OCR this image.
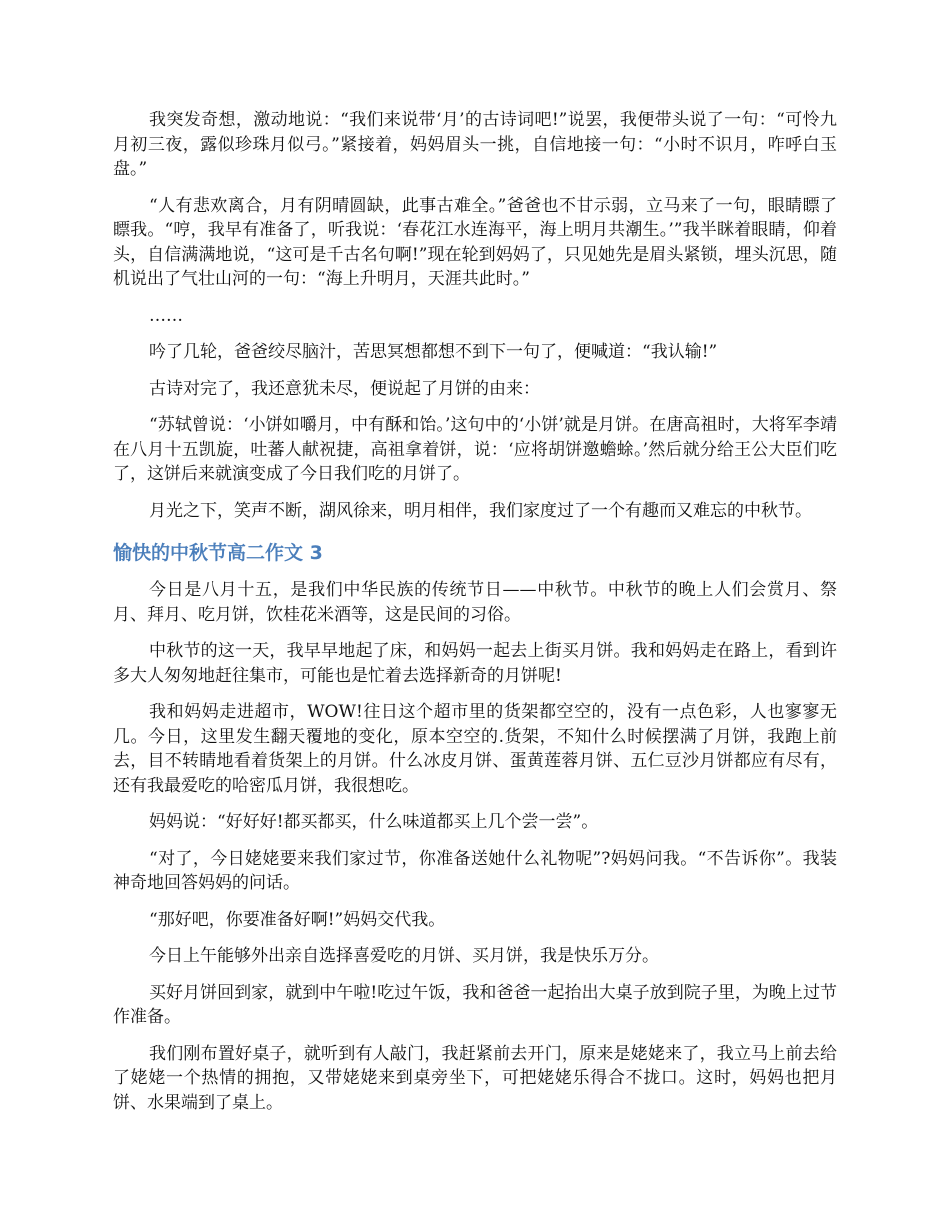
我突发奇想，激动地说：“我们来说带‘月’的古诗词吧!”说罢，我便带头说了一句：“可怜九月初三夜，露似珍珠月似弓。”紧接着，妈妈眉头一挑，自信地接一句：“小时不识月，咋呼白玉盘。”

“人有悲欢离合，月有阴晴圆缺，此事古难全。”爸爸也不甘示弱，立马来了一句，眼睛瞟了瞟我。“哼，我早有准备了，听我说：‘春花江水连海平，海上明月共潮生。’”我半眯着眼睛，仰着头，自信满满地说，“这可是千古名句啊!”现在轮到妈妈了，只见她先是眉头紧锁，埋头沉思，随机说出了气壮山河的一句：“海上升明月，天涯共此时。”

……

吟了几轮，爸爸绞尽脑汁，苦思冥想都想不到下一句了，便喊道：“我认输!”

古诗对完了，我还意犹未尽，便说起了月饼的由来：

“苏轼曾说：‘小饼如嚼月，中有酥和饴。’这句中的‘小饼’就是月饼。在唐高祖时，大将军李靖在八月十五凯旋，吐蕃人献祝捷，高祖拿着饼，说：‘应将胡饼邀蟾蜍。’然后就分给王公大臣们吃了，这饼后来就演变成了今日我们吃的月饼了。

月光之下，笑声不断，湖风徐来，明月相伴，我们家度过了一个有趣而又难忘的中秋节。

愉快的中秋节高二作文 3

今日是八月十五，是我们中华民族的传统节日——中秋节。中秋节的晚上人们会赏月、祭月、拜月、吃月饼，饮桂花米酒等，这是民间的习俗。

中秋节的这一天，我早早地起了床，和妈妈一起去上街买月饼。我和妈妈走在路上，看到许多大人匆匆地赶往集市，可能也是忙着去选择新奇的月饼呢!

我和妈妈走进超市，WOW!往日这个超市里的货架都空空的，没有一点色彩，人也寥寥无几。今日，这里发生翻天覆地的变化，原本空空的.货架，不知什么时候摆满了月饼，我跑上前去，目不转睛地看着货架上的月饼。什么冰皮月饼、蛋黄莲蓉月饼、五仁豆沙月饼都应有尽有，还有我最爱吃的哈密瓜月饼，我很想吃。

妈妈说：“好好好!都买都买，什么味道都买上几个尝一尝”。

“对了，今日姥姥要来我们家过节，你准备送她什么礼物呢”?妈妈问我。“不告诉你”。我装神奇地回答妈妈的问话。

“那好吧，你要准备好啊!”妈妈交代我。

今日上午能够外出亲自选择喜爱吃的月饼、买月饼，我是快乐万分。

买好月饼回到家，就到中午啦!吃过午饭，我和爸爸一起抬出大桌子放到院子里，为晚上过节作准备。

我们刚布置好桌子，就听到有人敲门，我赶紧前去开门，原来是姥姥来了，我立马上前去给了姥姥一个热情的拥抱，又带姥姥来到桌旁坐下，可把姥姥乐得合不拢口。这时，妈妈也把月饼、水果端到了桌上。
